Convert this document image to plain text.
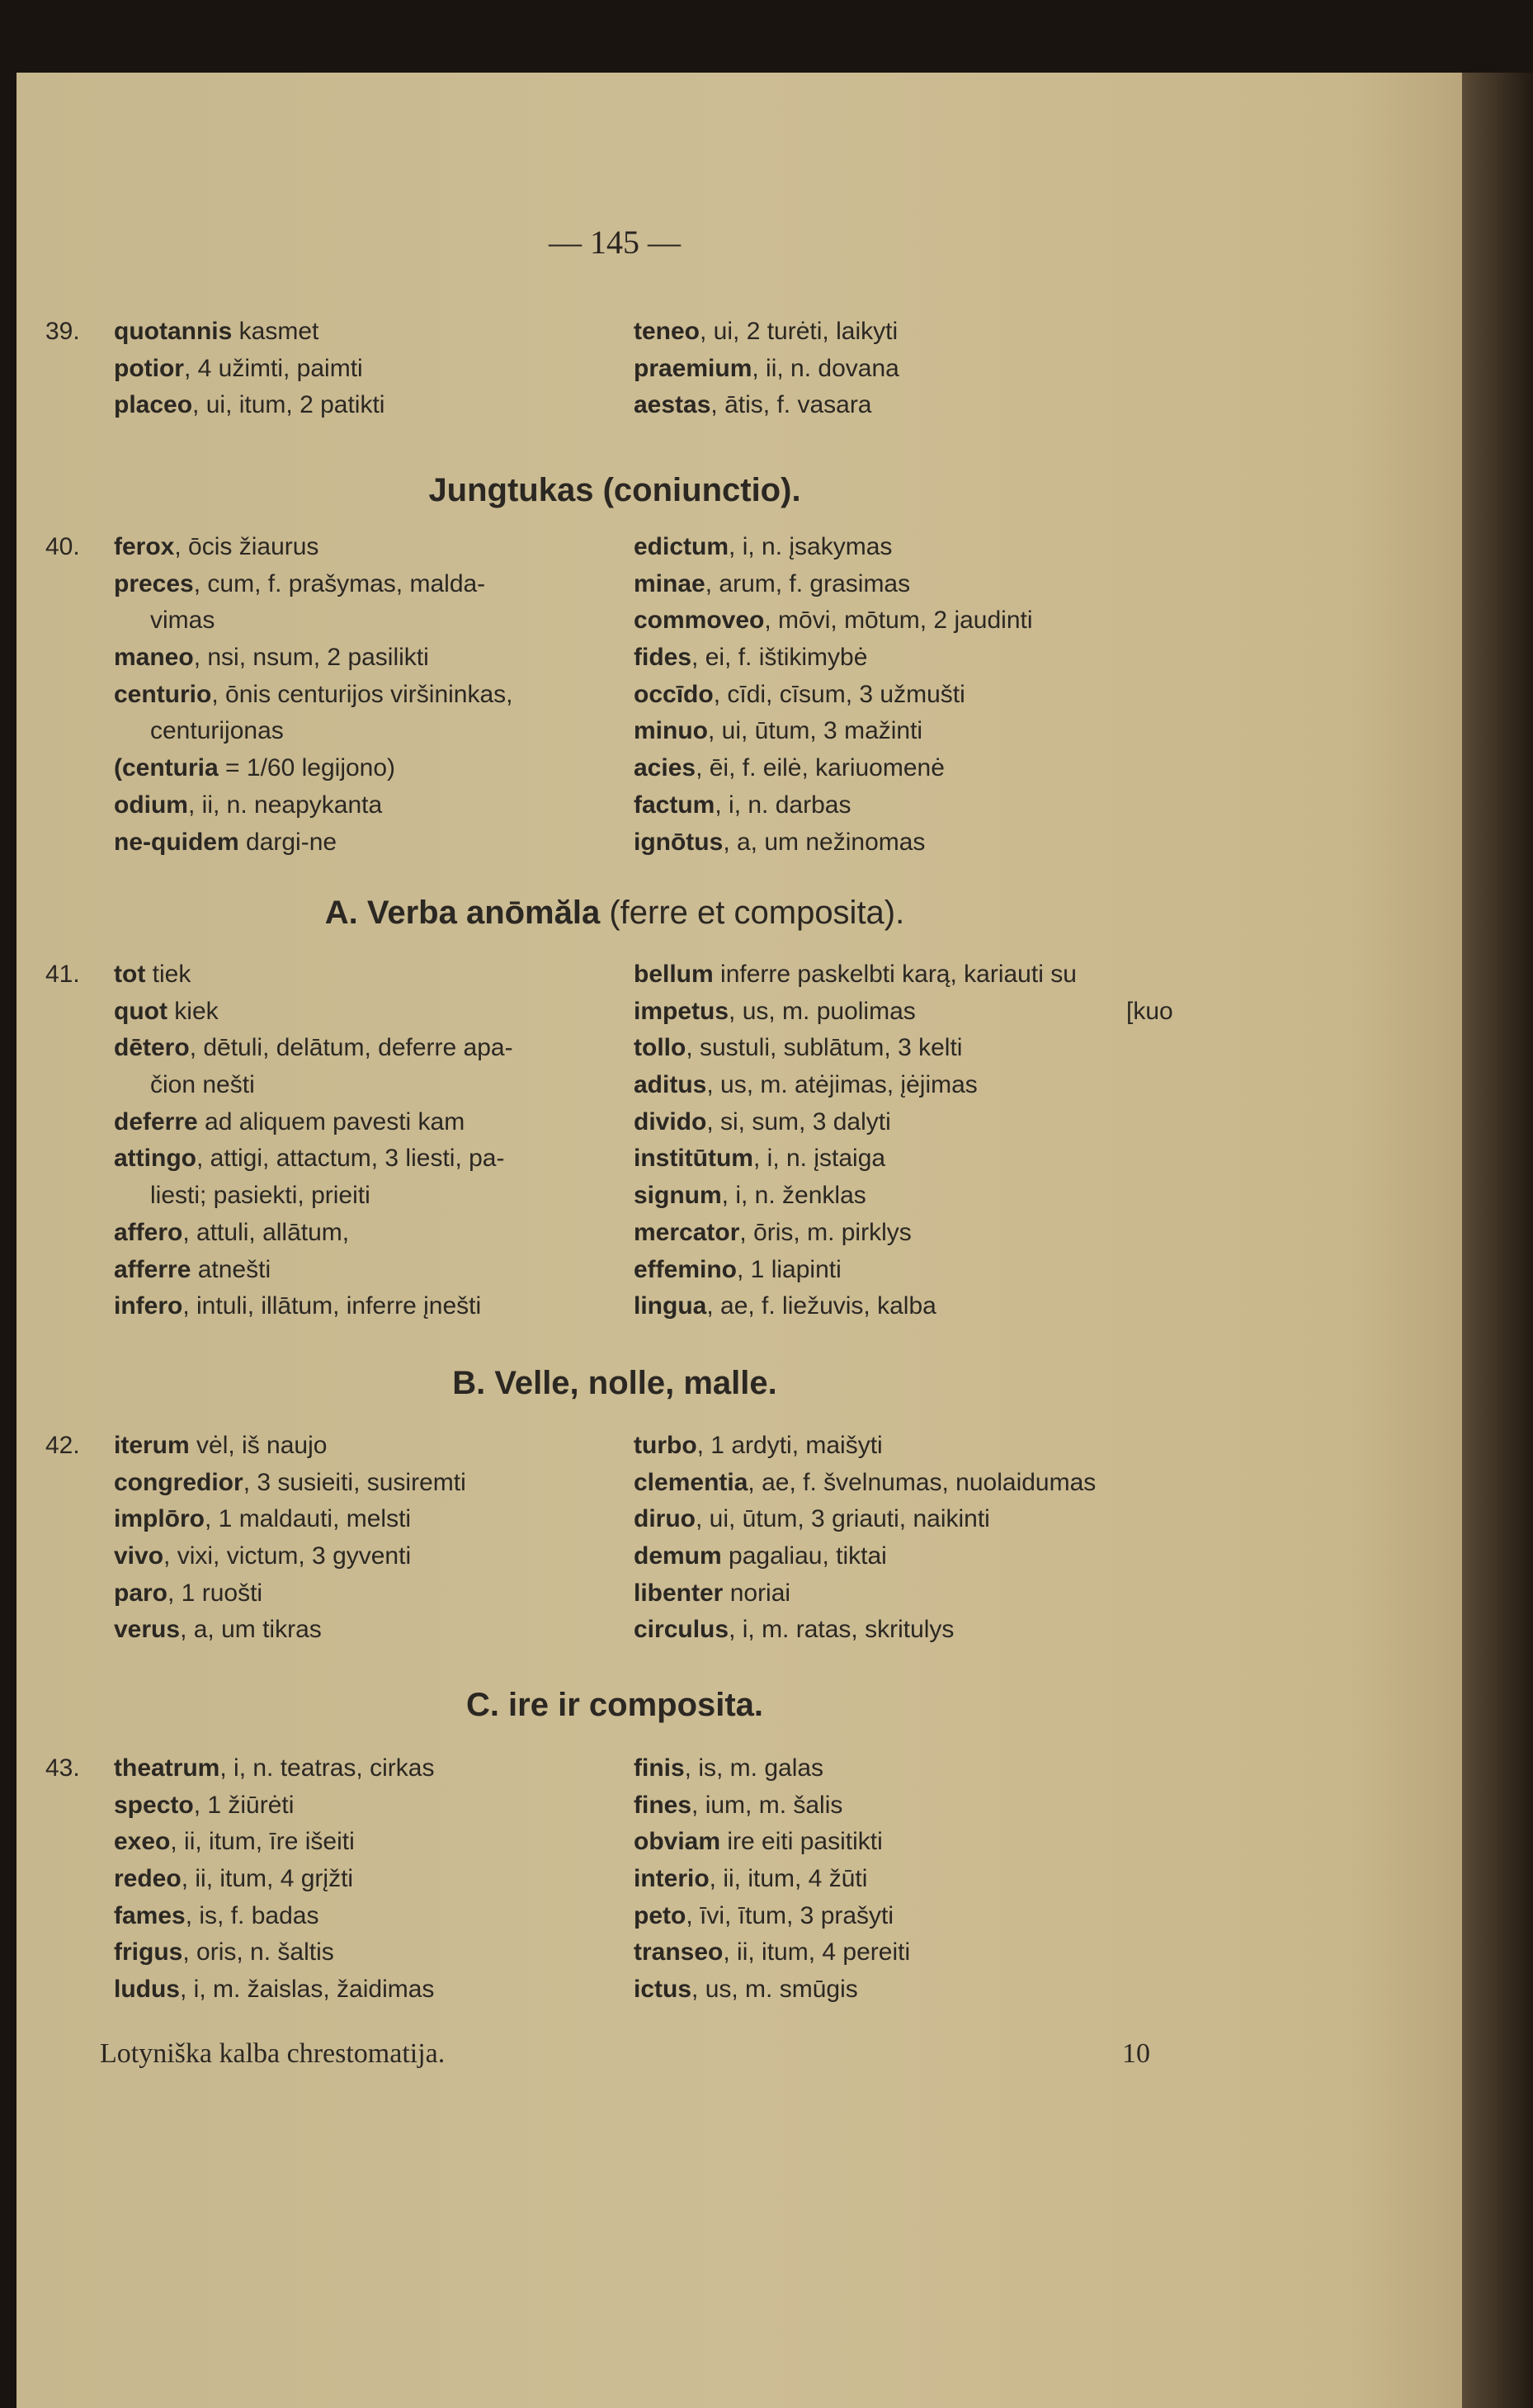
— 145 —
39. quotannis kasmet
potior, 4 užimti, paimti
placeo, ui, itum, 2 patikti
teneo, ui, 2 turėti, laikyti
praemium, ii, n. dovana
aestas, ātis, f. vasara
Jungtukas (coniunctio).
40. ferox, ōcis žiaurus
preces, cum, f. prašymas, malda-
vimas
maneo, nsi, nsum, 2 pasilikti
centurio, ōnis centurijos viršininkas,
centurijonas
(centuria = 1/60 legijono)
odium, ii, n. neapykanta
ne-quidem dargi-ne
edictum, i, n. įsakymas
minae, arum, f. grasimas
commoveo, mōvi, mōtum, 2 jaudinti
fides, ei, f. ištikimybė
occīdo, cīdi, cīsum, 3 užmušti
minuo, ui, ūtum, 3 mažinti
acies, ēi, f. eilė, kariuomenė
factum, i, n. darbas
ignōtus, a, um nežinomas
A. Verba anōmăla (ferre et composita).
41. tot tiek
quot kiek
dētero, dētuli, delātum, deferre apa-
čion nešti
deferre ad aliquem pavesti kam
attingo, attigi, attactum, 3 liesti, pa-
liesti; pasiekti, prieiti
affero, attuli, allātum,
afferre atnešti
infero, intuli, illātum, inferre įnešti
bellum inferre paskelbti karą, kariauti su
impetus, us, m. puolimas	[kuo
tollo, sustuli, sublātum, 3 kelti
aditus, us, m. atėjimas, įėjimas
divido, si, sum, 3 dalyti
institūtum, i, n. įstaiga
signum, i, n. ženklas
mercator, ōris, m. pirklys
effemino, 1 liapinti
lingua, ae, f. liežuvis, kalba
B. Velle, nolle, malle.
42. iterum vėl, iš naujo
congredior, 3 susieiti, susiremti
implōro, 1 maldauti, melsti
vivo, vixi, victum, 3 gyventi
paro, 1 ruošti
verus, a, um tikras
turbo, 1 ardyti, maišyti
clementia, ae, f. švelnumas, nuolaidumas
diruo, ui, ūtum, 3 griauti, naikinti
demum pagaliau, tiktai
libenter noriai
circulus, i, m. ratas, skritulys
C. ire ir composita.
43. theatrum, i, n. teatras, cirkas
specto, 1 žiūrėti
exeo, ii, itum, īre išeiti
redeo, ii, itum, 4 grįžti
fames, is, f. badas
frigus, oris, n. šaltis
ludus, i, m. žaislas, žaidimas
finis, is, m. galas
fines, ium, m. šalis
obviam ire eiti pasitikti
interio, ii, itum, 4 žūti
peto, īvi, ītum, 3 prašyti
transeo, ii, itum, 4 pereiti
ictus, us, m. smūgis
Lotyniška kalba chrestomatija.	10
